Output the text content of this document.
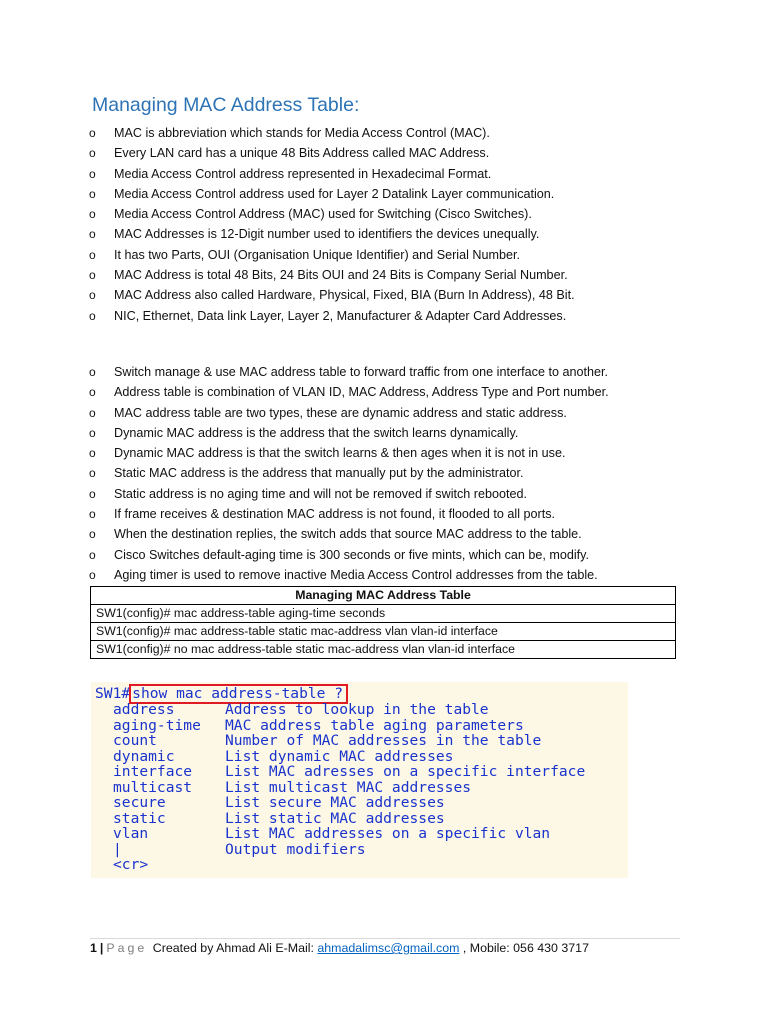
Managing MAC Address Table:
o MAC is abbreviation which stands for Media Access Control (MAC).
o Every LAN card has a unique 48 Bits Address called MAC Address.
o Media Access Control address represented in Hexadecimal Format.
o Media Access Control address used for Layer 2 Datalink Layer communication.
o Media Access Control Address (MAC) used for Switching (Cisco Switches).
o MAC Addresses is 12-Digit number used to identifiers the devices unequally.
o It has two Parts, OUI (Organisation Unique Identifier) and Serial Number.
o MAC Address is total 48 Bits, 24 Bits OUI and 24 Bits is Company Serial Number.
o MAC Address also called Hardware, Physical, Fixed, BIA (Burn In Address), 48 Bit.
o NIC, Ethernet, Data link Layer, Layer 2, Manufacturer & Adapter Card Addresses.
o Switch manage & use MAC address table to forward traffic from one interface to another.
o Address table is combination of VLAN ID, MAC Address, Address Type and Port number.
o MAC address table are two types, these are dynamic address and static address.
o Dynamic MAC address is the address that the switch learns dynamically.
o Dynamic MAC address is that the switch learns & then ages when it is not in use.
o Static MAC address is the address that manually put by the administrator.
o Static address is no aging time and will not be removed if switch rebooted.
o If frame receives & destination MAC address is not found, it flooded to all ports.
o When the destination replies, the switch adds that source MAC address to the table.
o Cisco Switches default-aging time is 300 seconds or five mints, which can be, modify.
o Aging timer is used to remove inactive Media Access Control addresses from the table.
Managing MAC Address Table
SW1(config)# mac address-table aging-time seconds
SW1(config)# mac address-table static mac-address vlan vlan-id interface
SW1(config)# no mac address-table static mac-address vlan vlan-id interface
SW1# show mac address-table ?
address	Address to lookup in the table
aging-time MAC address table aging parameters
count	Number of MAC addresses in the table
dynamic	List dynamic MAC addresses
interface List MAC adresses on a specific interface
multicast List multicast MAC addresses
secure	List secure MAC addresses
static	List static MAC addresses
vlan	List MAC addresses on a specific vlan
|	Output modifiers
<cr>
1 | Page Created by Ahmad Ali E-Mail: ahmadalimsc@gmail.com , Mobile: 056 430 3717
